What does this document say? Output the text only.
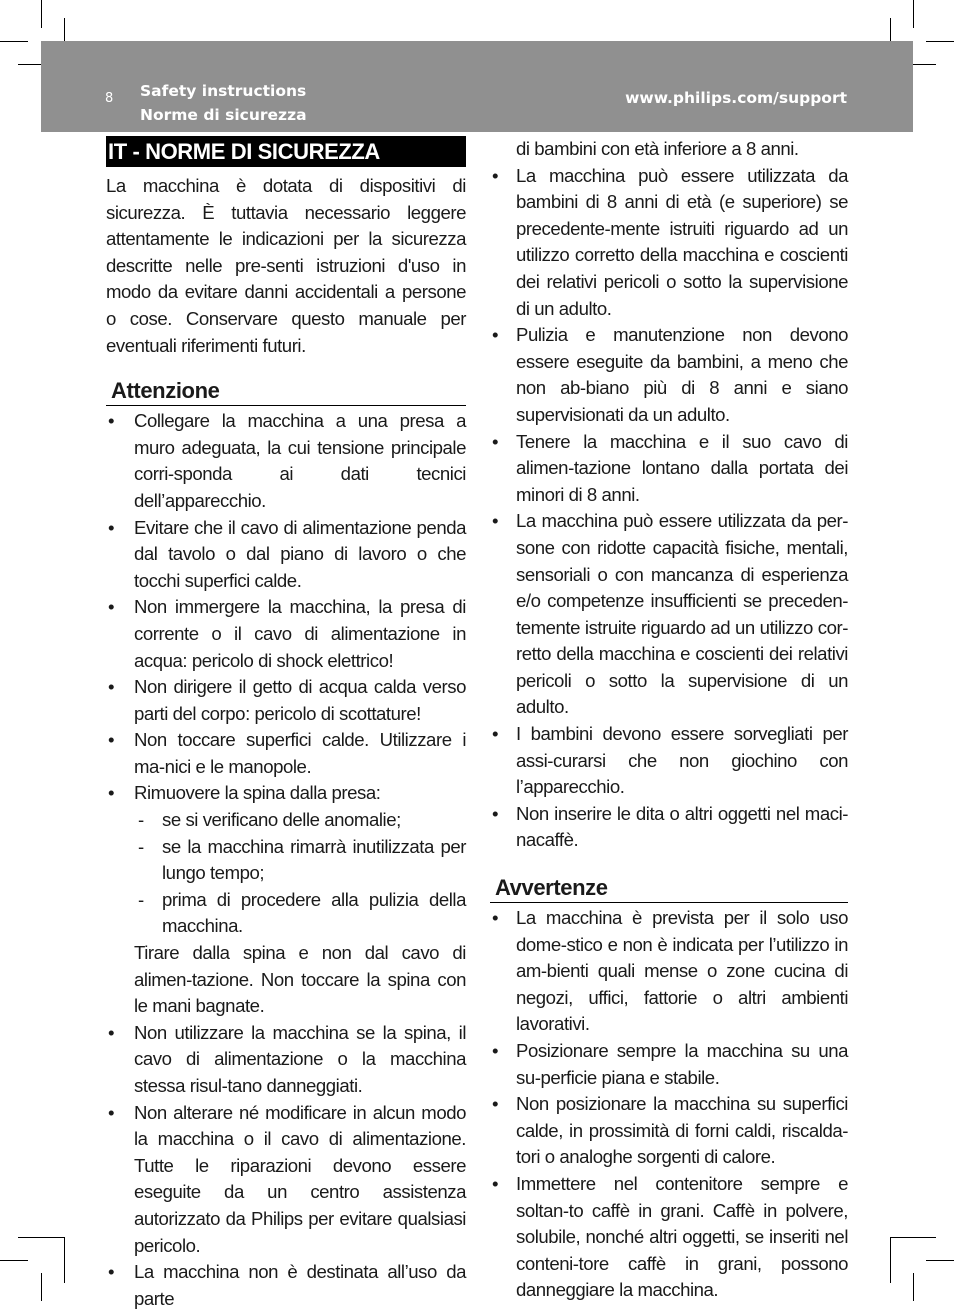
8 Safety instructions
Norme di sicurezza
www.philips.com/support
IT - NORME DI SICUREZZA

La macchina è dotata di dispositivi di sicurezza. È tuttavia necessario leggere attentamente le indicazioni per la sicurezza descritte nelle pre-senti istruzioni d'uso in modo da evitare danni accidentali a persone o cose. Conservare questo manuale per eventuali riferimenti futuri.

Attenzione
• Collegare la macchina a una presa a muro adeguata, la cui tensione principale corri-sponda ai dati tecnici dell’apparecchio.
• Evitare che il cavo di alimentazione penda dal tavolo o dal piano di lavoro o che tocchi superfici calde.
• Non immergere la macchina, la presa di corrente o il cavo di alimentazione in acqua: pericolo di shock elettrico!
• Non dirigere il getto di acqua calda verso parti del corpo: pericolo di scottature!
• Non toccare superfici calde. Utilizzare i ma-nici e le manopole.
• Rimuovere la spina dalla presa:
- se si verificano delle anomalie;
- se la macchina rimarrà inutilizzata per lungo tempo;
- prima di procedere alla pulizia della macchina.
Tirare dalla spina e non dal cavo di alimen-tazione. Non toccare la spina con le mani bagnate.
• Non utilizzare la macchina se la spina, il cavo di alimentazione o la macchina stessa risul-tano danneggiati.
• Non alterare né modificare in alcun modo la macchina o il cavo di alimentazione. Tutte le riparazioni devono essere eseguite da un centro assistenza autorizzato da Philips per evitare qualsiasi pericolo.
• La macchina non è destinata all’uso da parte
di bambini con età inferiore a 8 anni.
• La macchina può essere utilizzata da bambini di 8 anni di età (e superiore) se precedente-mente istruiti riguardo ad un utilizzo corretto della macchina e coscienti dei relativi pericoli o sotto la supervisione di un adulto.
• Pulizia e manutenzione non devono essere eseguite da bambini, a meno che non ab-biano più di 8 anni e siano supervisionati da un adulto.
• Tenere la macchina e il suo cavo di alimen-tazione lontano dalla portata dei minori di 8 anni.
• La macchina può essere utilizzata da per-sone con ridotte capacità fisiche, mentali, sensoriali o con mancanza di esperienza e/o competenze insufficienti se preceden-temente istruite riguardo ad un utilizzo cor-retto della macchina e coscienti dei relativi pericoli o sotto la supervisione di un adulto.
• I bambini devono essere sorvegliati per assi-curarsi che non giochino con l’apparecchio.
• Non inserire le dita o altri oggetti nel maci-nacaffè.
Avvertenze
• La macchina è prevista per il solo uso dome-stico e non è indicata per l’utilizzo in am-bienti quali mense o zone cucina di negozi, uffici, fattorie o altri ambienti lavorativi.
• Posizionare sempre la macchina su una su-perficie piana e stabile.
• Non posizionare la macchina su superfici calde, in prossimità di forni caldi, riscalda-tori o analoghe sorgenti di calore.
• Immettere nel contenitore sempre e soltan-to caffè in grani. Caffè in polvere, solubile, nonché altri oggetti, se inseriti nel conteni-tore caffè in grani, possono danneggiare la macchina.
